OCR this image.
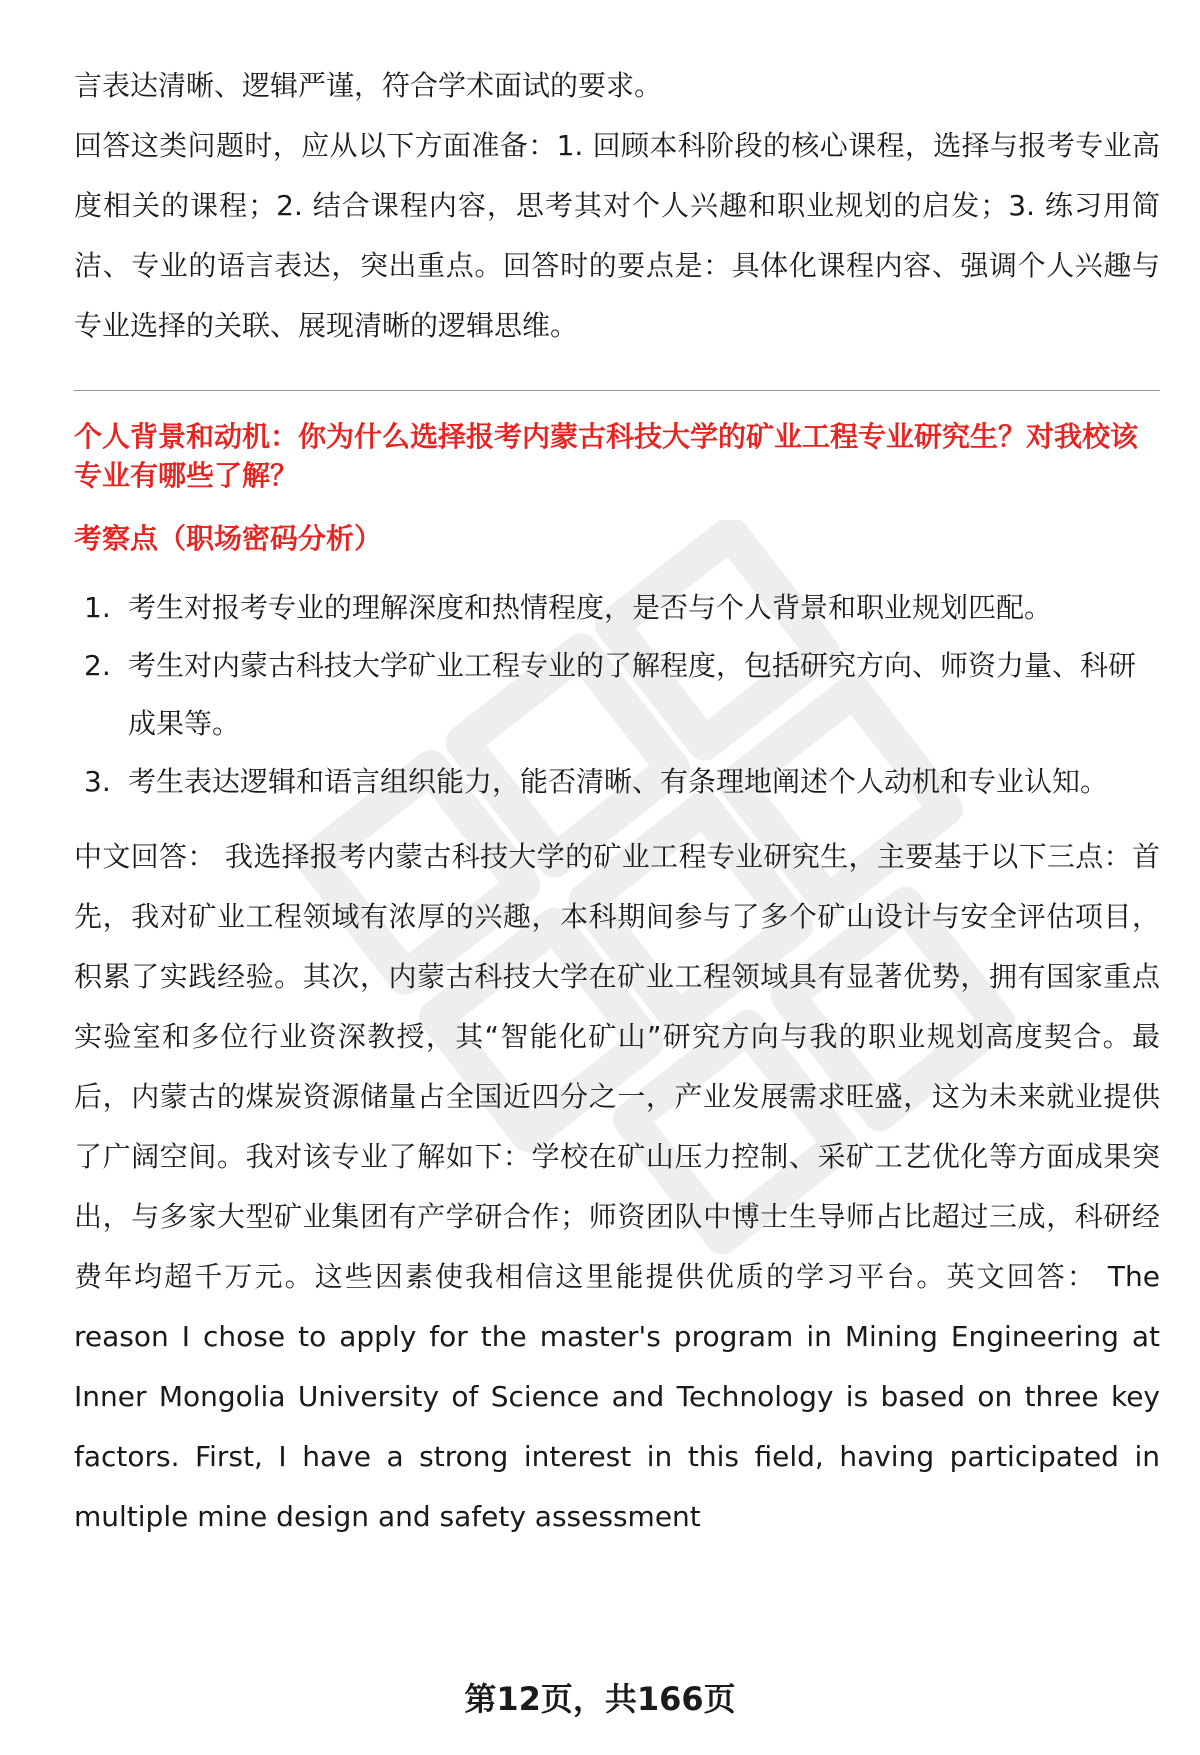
言表达清晰、逻辑严谨，符合学术面试的要求。

回答这类问题时，应从以下方面准备：1. 回顾本科阶段的核心课程，选择与报考专业高度相关的课程；2. 结合课程内容，思考其对个人兴趣和职业规划的启发；3. 练习用简洁、专业的语言表达，突出重点。回答时的要点是：具体化课程内容、强调个人兴趣与专业选择的关联、展现清晰的逻辑思维。

个人背景和动机：你为什么选择报考内蒙古科技大学的矿业工程专业研究生？对我校该专业有哪些了解？

考察点（职场密码分析）

1. 考生对报考专业的理解深度和热情程度，是否与个人背景和职业规划匹配。
2. 考生对内蒙古科技大学矿业工程专业的了解程度，包括研究方向、师资力量、科研成果等。
3. 考生表达逻辑和语言组织能力，能否清晰、有条理地阐述个人动机和专业认知。

中文回答： 我选择报考内蒙古科技大学的矿业工程专业研究生，主要基于以下三点：首先，我对矿业工程领域有浓厚的兴趣，本科期间参与了多个矿山设计与安全评估项目，积累了实践经验。其次，内蒙古科技大学在矿业工程领域具有显著优势，拥有国家重点实验室和多位行业资深教授，其“智能化矿山”研究方向与我的职业规划高度契合。最后，内蒙古的煤炭资源储量占全国近四分之一，产业发展需求旺盛，这为未来就业提供了广阔空间。我对该专业了解如下：学校在矿山压力控制、采矿工艺优化等方面成果突出，与多家大型矿业集团有产学研合作；师资团队中博士生导师占比超过三成，科研经费年均超千万元。这些因素使我相信这里能提供优质的学习平台。英文回答： The reason I chose to apply for the master's program in Mining Engineering at Inner Mongolia University of Science and Technology is based on three key factors. First, I have a strong interest in this field, having participated in multiple mine design and safety assessment

第12页，共166页
